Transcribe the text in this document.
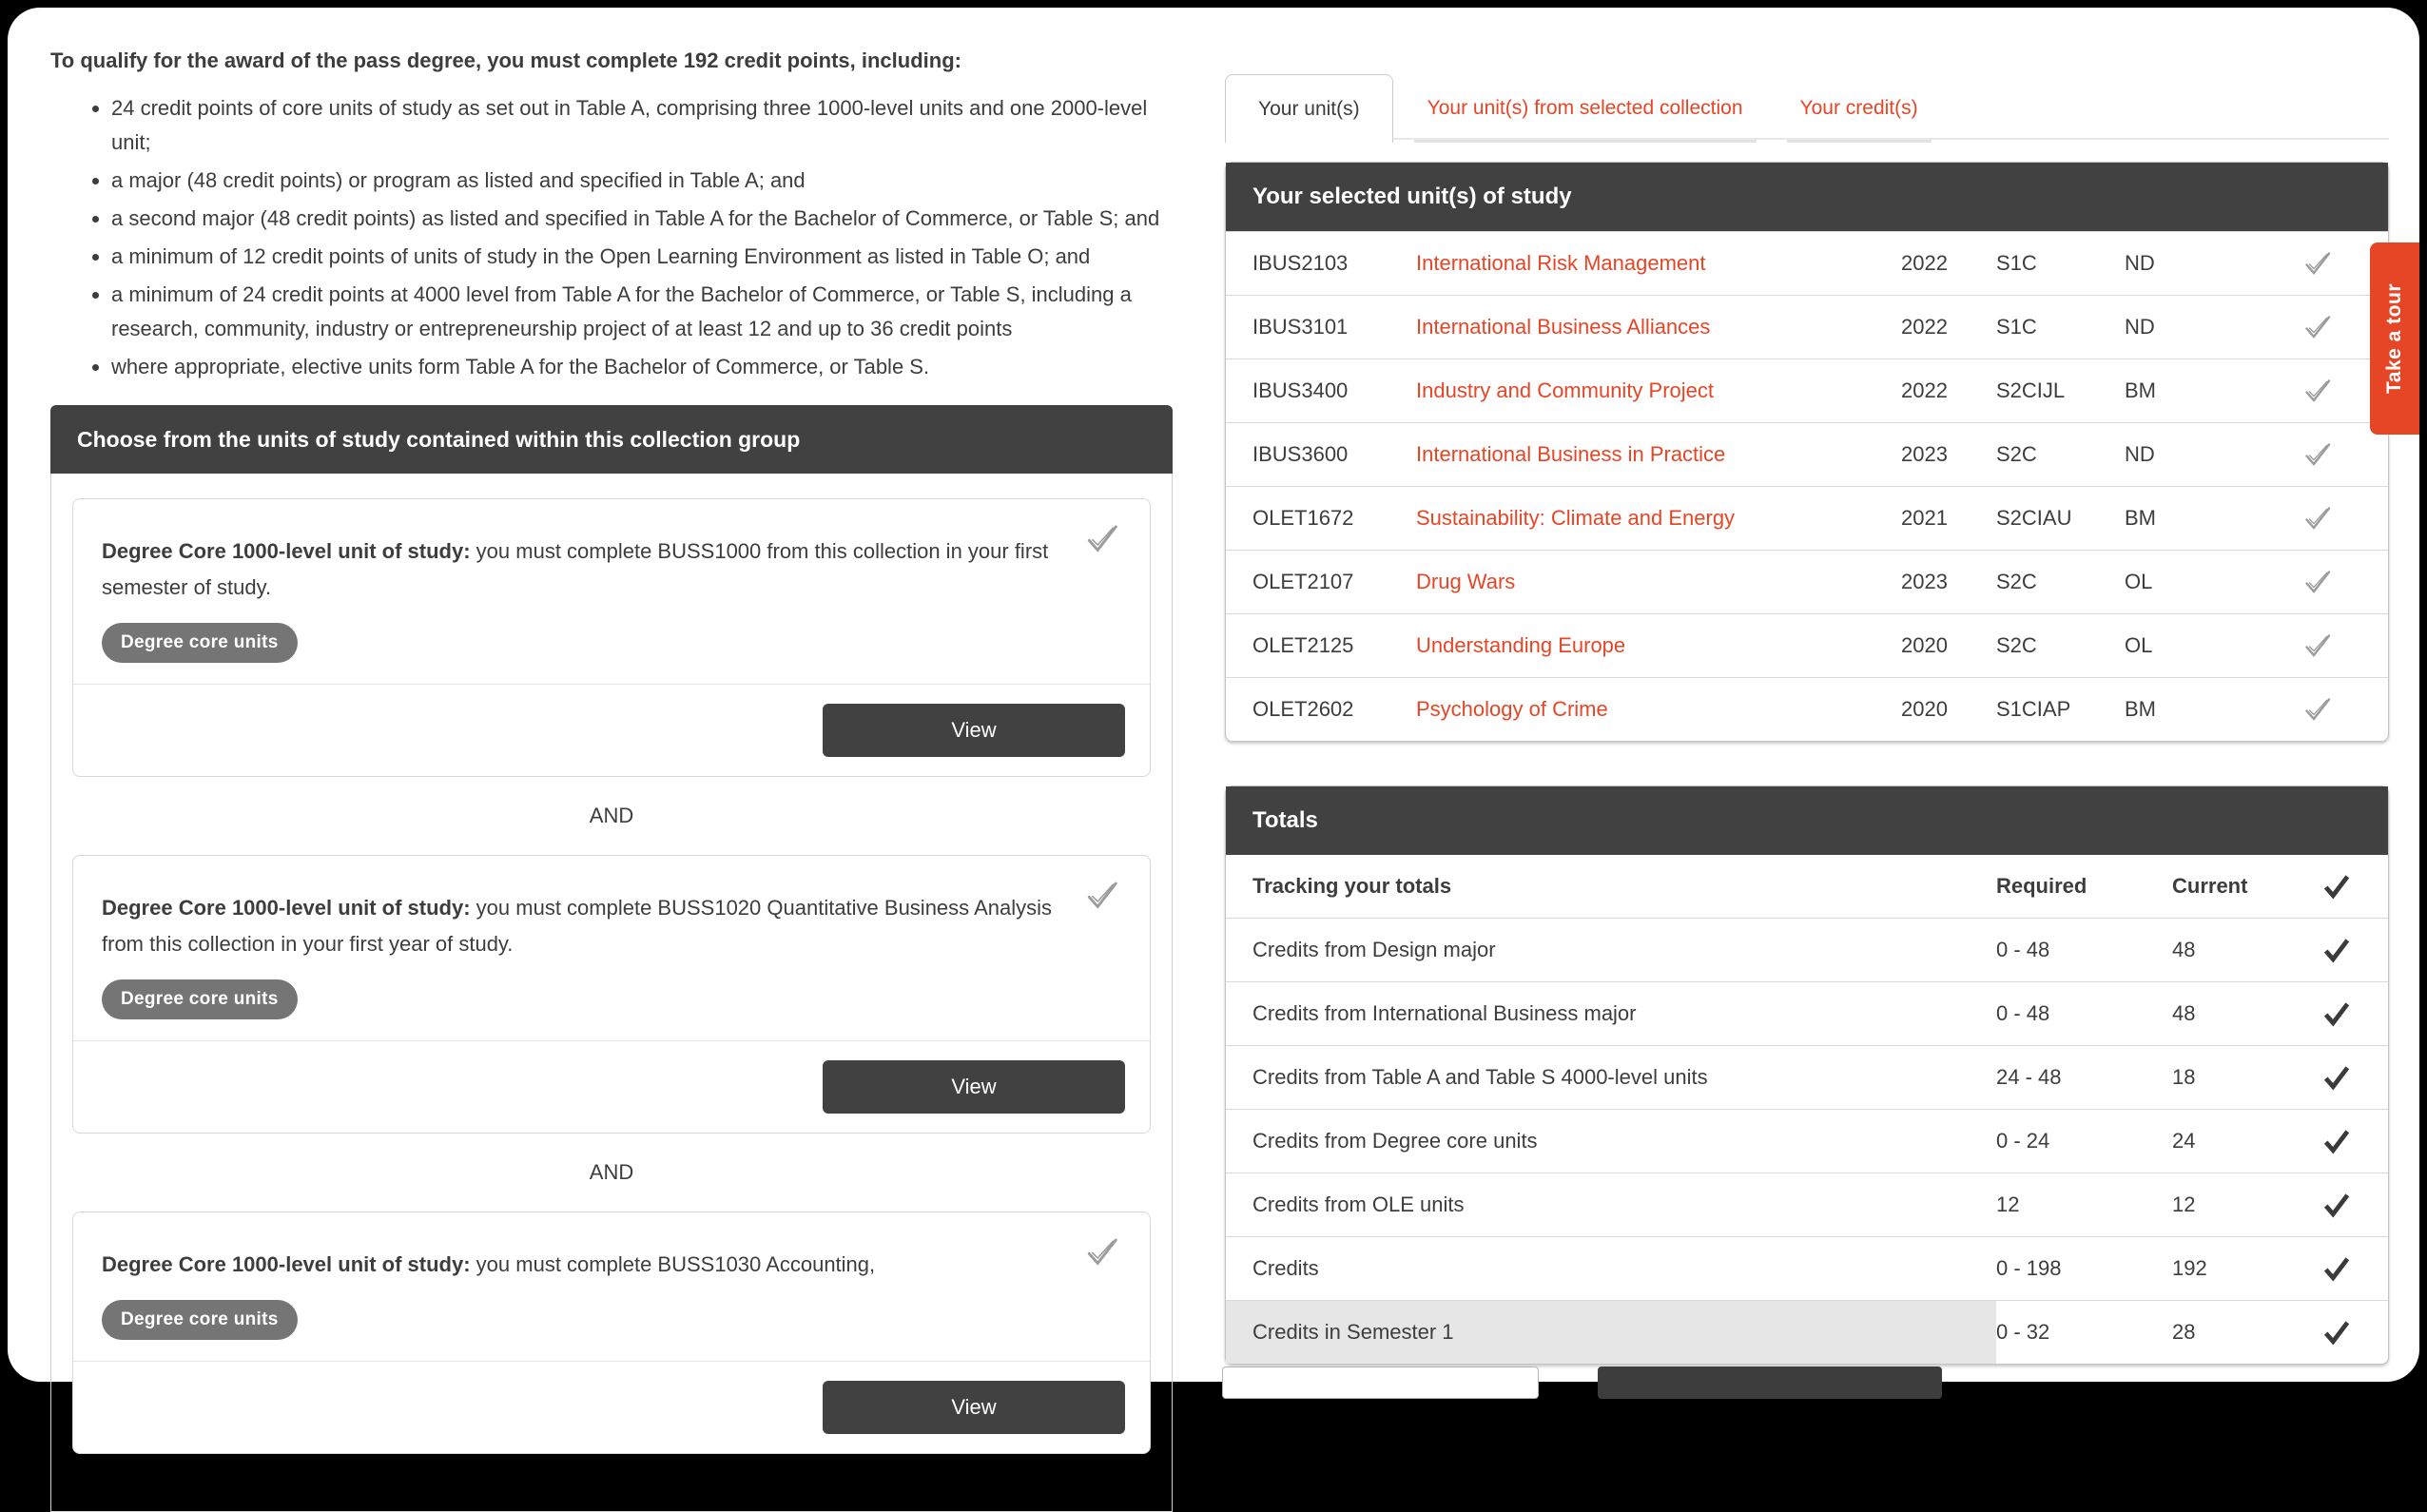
To qualify for the award of the pass degree, you must complete 192 credit points, including:
• 24 credit points of core units of study as set out in Table A, comprising three 1000-level units and one 2000-level unit;
• a major (48 credit points) or program as listed and specified in Table A; and
• a second major (48 credit points) as listed and specified in Table A for the Bachelor of Commerce, or Table S; and
• a minimum of 12 credit points of units of study in the Open Learning Environment as listed in Table O; and
• a minimum of 24 credit points at 4000 level from Table A for the Bachelor of Commerce, or Table S, including a research, community, industry or entrepreneurship project of at least 12 and up to 36 credit points
• where appropriate, elective units form Table A for the Bachelor of Commerce, or Table S.
Choose from the units of study contained within this collection group
Degree Core 1000-level unit of study: you must complete BUSS1000 from this collection in your first semester of study.
Degree core units
View
AND
Degree Core 1000-level unit of study: you must complete BUSS1020 Quantitative Business Analysis from this collection in your first year of study.
Degree core units
View
AND
Degree Core 1000-level unit of study: you must complete BUSS1030 Accounting,
Degree core units
View
Your unit(s)	Your unit(s) from selected collection	Your credit(s)
Your selected unit(s) of study
IBUS2103	International Risk Management	2022	S1C	ND
IBUS3101	International Business Alliances	2022	S1C	ND
IBUS3400	Industry and Community Project	2022	S2CIJL	BM
IBUS3600	International Business in Practice	2023	S2C	ND
OLET1672	Sustainability: Climate and Energy	2021	S2CIAU	BM
OLET2107	Drug Wars	2023	S2C	OL
OLET2125	Understanding Europe	2020	S2C	OL
OLET2602	Psychology of Crime	2020	S1CIAP	BM
Totals
Tracking your totals	Required	Current
Credits from Design major	0 - 48	48
Credits from International Business major	0 - 48	48
Credits from Table A and Table S 4000-level units	24 - 48	18
Credits from Degree core units	0 - 24	24
Credits from OLE units	12	12
Credits	0 - 198	192
Credits in Semester 1	0 - 32	28
Take a tour
